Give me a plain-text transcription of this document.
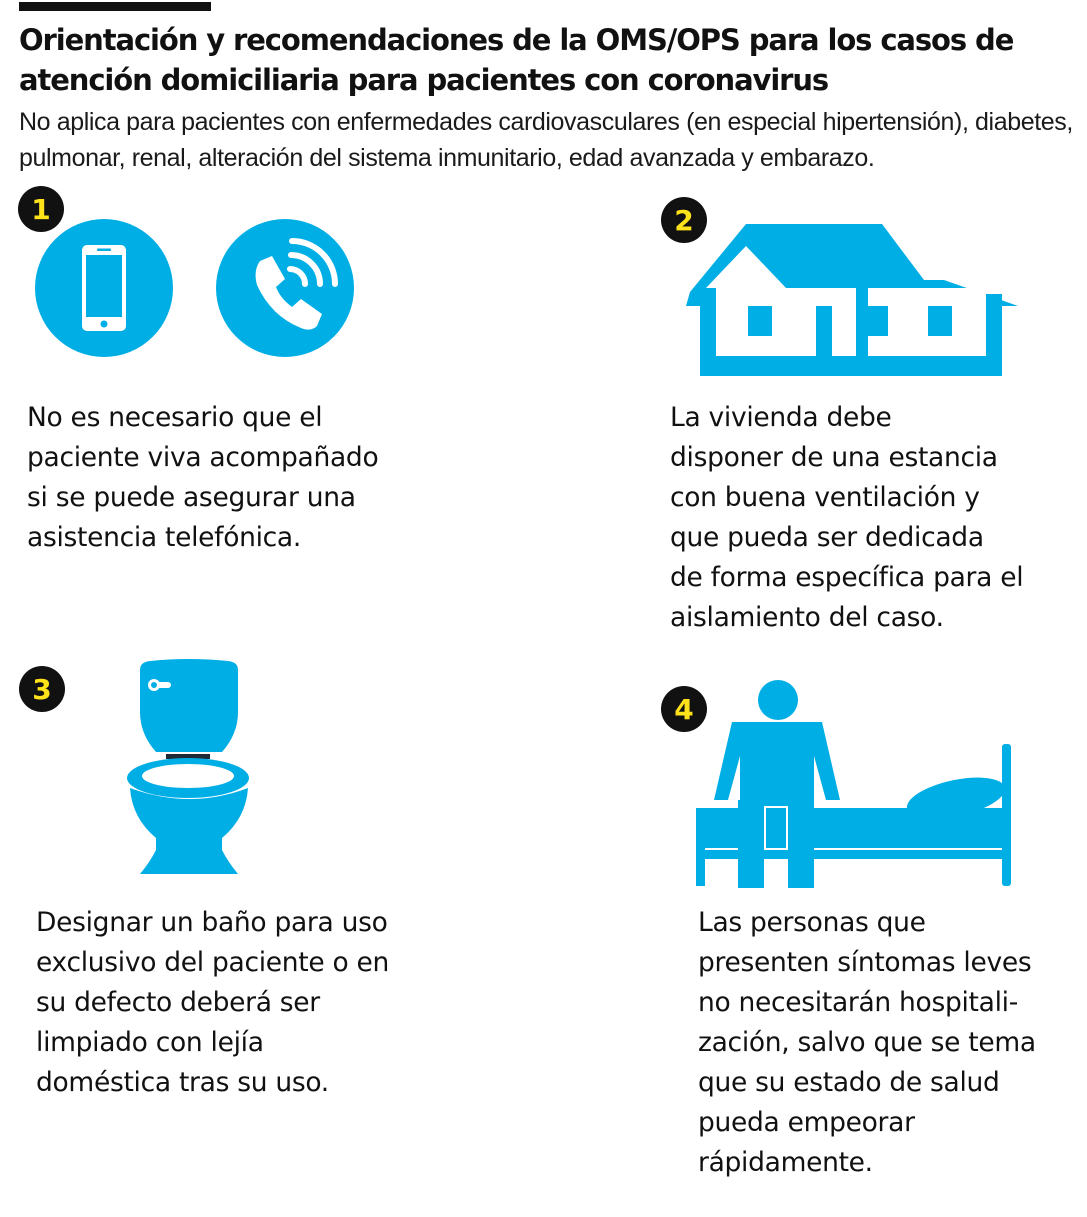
Orientación y recomendaciones de la OMS/OPS para los casos de atención domiciliaria para pacientes con coronavirus

No aplica para pacientes con enfermedades cardiovasculares (en especial hipertensión), diabetes, pulmonar, renal, alteración del sistema inmunitario, edad avanzada y embarazo.

1

No es necesario que el
paciente viva acompañado
si se puede asegurar una
asistencia telefónica.

2

La vivienda debe
disponer de una estancia
con buena ventilación y
que pueda ser dedicada
de forma específica para el
aislamiento del caso.

3

Designar un baño para uso
exclusivo del paciente o en
su defecto deberá ser
limpiado con lejía
doméstica tras su uso.

4

Las personas que
presenten síntomas leves
no necesitarán hospitali-
zación, salvo que se tema
que su estado de salud
pueda empeorar
rápidamente.
